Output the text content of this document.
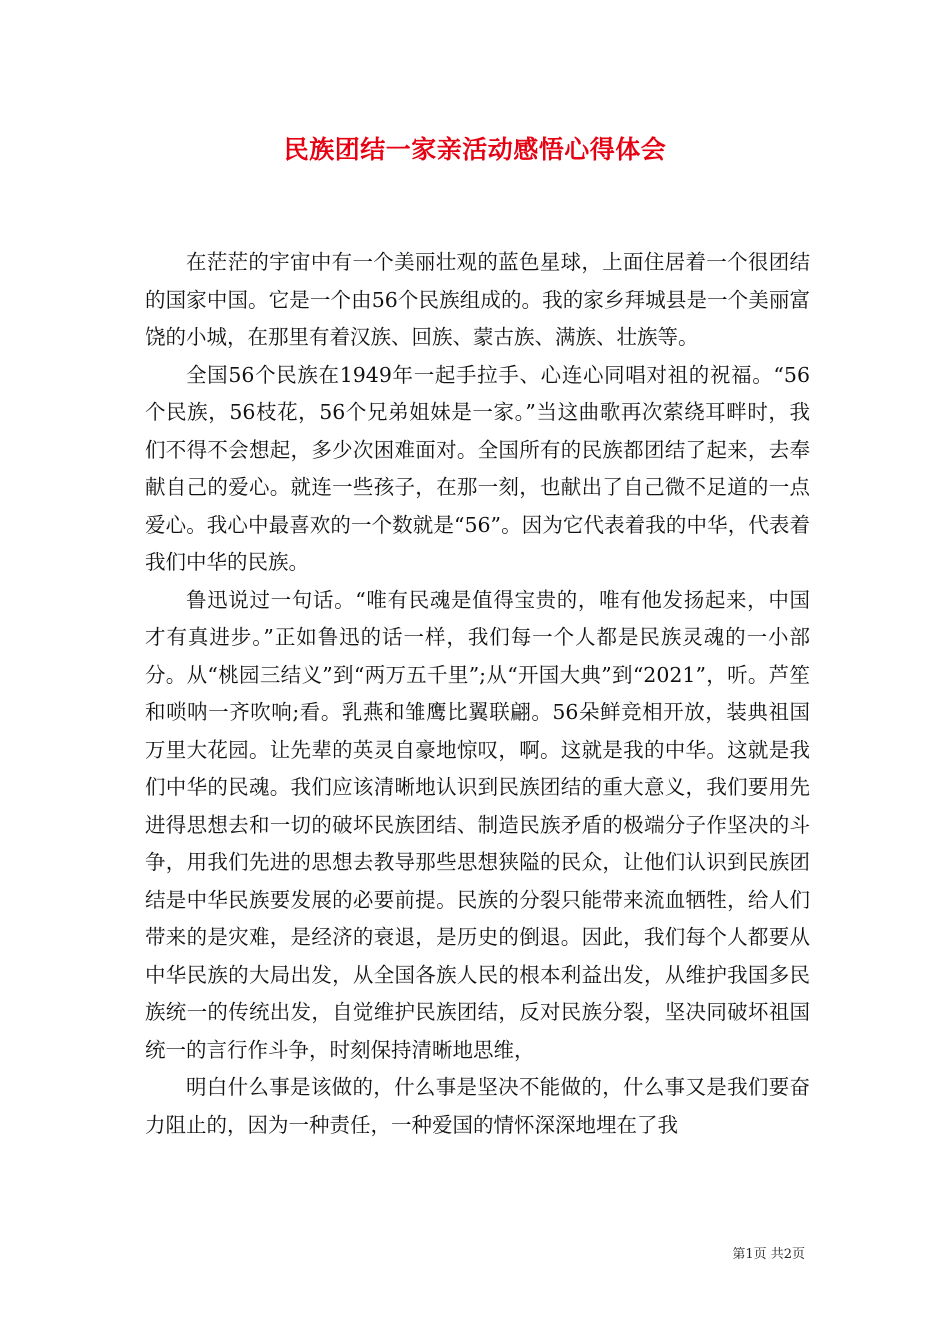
民族团结一家亲活动感悟心得体会

在茫茫的宇宙中有一个美丽壮观的蓝色星球，上面住居着一个很团结的国家中国。它是一个由56个民族组成的。我的家乡拜城县是一个美丽富饶的小城，在那里有着汉族、回族、蒙古族、满族、壮族等。

全国56个民族在1949年一起手拉手、心连心同唱对祖的祝福。“56个民族，56枝花，56个兄弟姐妹是一家。”当这曲歌再次萦绕耳畔时，我们不得不会想起，多少次困难面对。全国所有的民族都团结了起来，去奉献自己的爱心。就连一些孩子，在那一刻，也献出了自己微不足道的一点爱心。我心中最喜欢的一个数就是“56”。因为它代表着我的中华，代表着我们中华的民族。

鲁迅说过一句话。“唯有民魂是值得宝贵的，唯有他发扬起来，中国才有真进步。”正如鲁迅的话一样，我们每一个人都是民族灵魂的一小部分。从“桃园三结义”到“两万五千里”;从“开国大典”到“2021”，听。芦笙和唢呐一齐吹响;看。乳燕和雏鹰比翼联翩。56朵鲜竞相开放，装典祖国万里大花园。让先辈的英灵自豪地惊叹，啊。这就是我的中华。这就是我们中华的民魂。我们应该清晰地认识到民族团结的重大意义，我们要用先进得思想去和一切的破坏民族团结、制造民族矛盾的极端分子作坚决的斗争，用我们先进的思想去教导那些思想狭隘的民众，让他们认识到民族团结是中华民族要发展的必要前提。民族的分裂只能带来流血牺牲，给人们带来的是灾难，是经济的衰退，是历史的倒退。因此，我们每个人都要从中华民族的大局出发，从全国各族人民的根本利益出发，从维护我国多民族统一的传统出发，自觉维护民族团结，反对民族分裂，坚决同破坏祖国统一的言行作斗争，时刻保持清晰地思维，

明白什么事是该做的，什么事是坚决不能做的，什么事又是我们要奋力阻止的，因为一种责任，一种爱国的情怀深深地埋在了我

第1页 共2页
